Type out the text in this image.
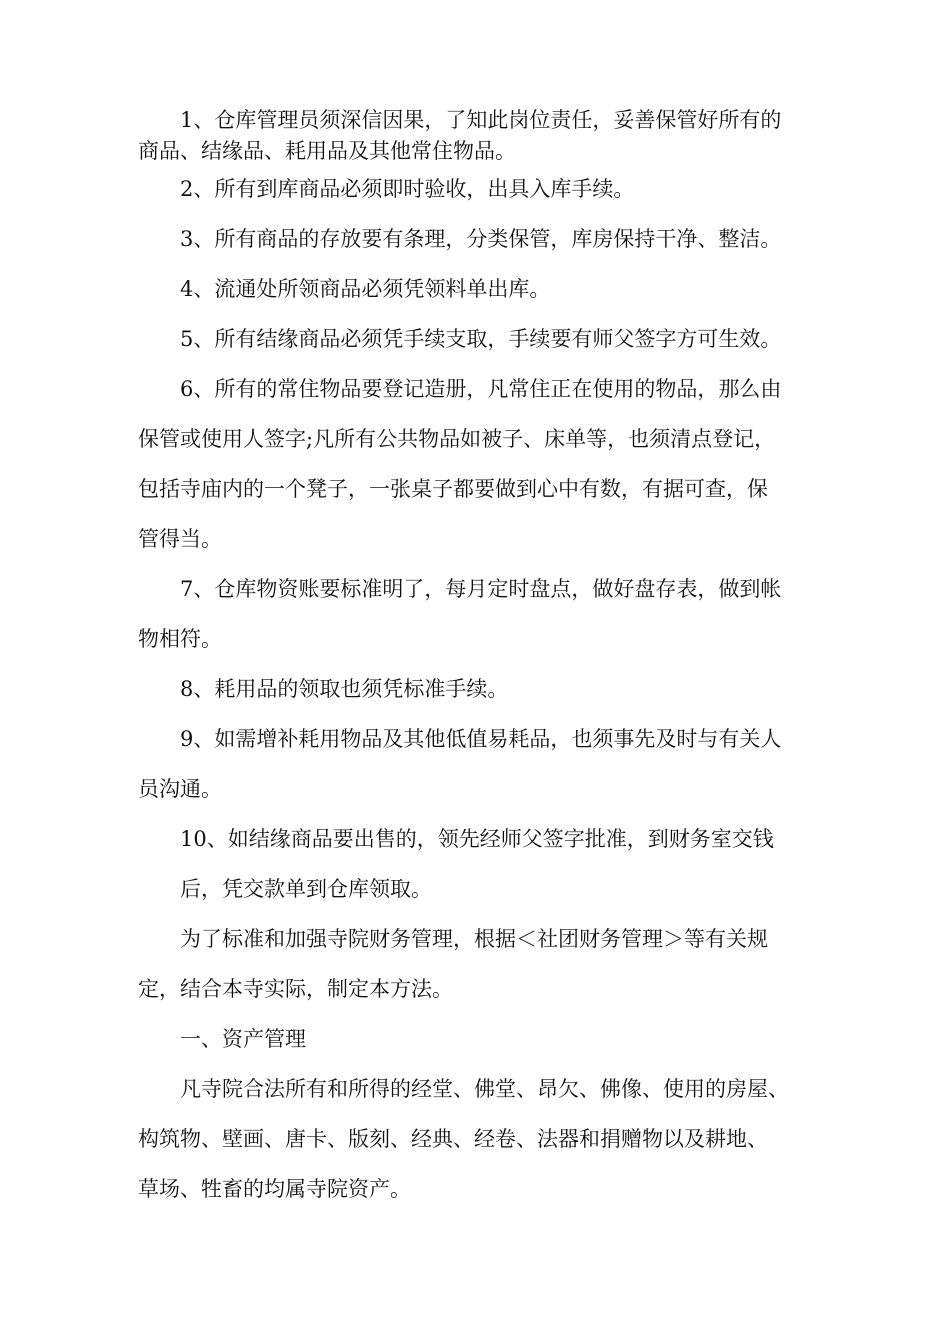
1、仓库管理员须深信因果，了知此岗位责任，妥善保管好所有的
商品、结缘品、耗用品及其他常住物品。
2、所有到库商品必须即时验收，出具入库手续。
3、所有商品的存放要有条理，分类保管，库房保持干净、整洁。
4、流通处所领商品必须凭领料单出库。
5、所有结缘商品必须凭手续支取，手续要有师父签字方可生效。
6、所有的常住物品要登记造册，凡常住正在使用的物品，那么由
保管或使用人签字;凡所有公共物品如被子、床单等，也须清点登记，
包括寺庙内的一个凳子，一张桌子都要做到心中有数，有据可查，保
管得当。
7、仓库物资账要标准明了，每月定时盘点，做好盘存表，做到帐
物相符。
8、耗用品的领取也须凭标准手续。
9、如需增补耗用物品及其他低值易耗品，也须事先及时与有关人
员沟通。
10、如结缘商品要出售的，领先经师父签字批准，到财务室交钱
后，凭交款单到仓库领取。
为了标准和加强寺院财务管理，根据＜社团财务管理＞等有关规
定，结合本寺实际，制定本方法。
一、资产管理
凡寺院合法所有和所得的经堂、佛堂、昂欠、佛像、使用的房屋、
构筑物、壁画、唐卡、版刻、经典、经卷、法器和捐赠物以及耕地、
草场、牲畜的均属寺院资产。
